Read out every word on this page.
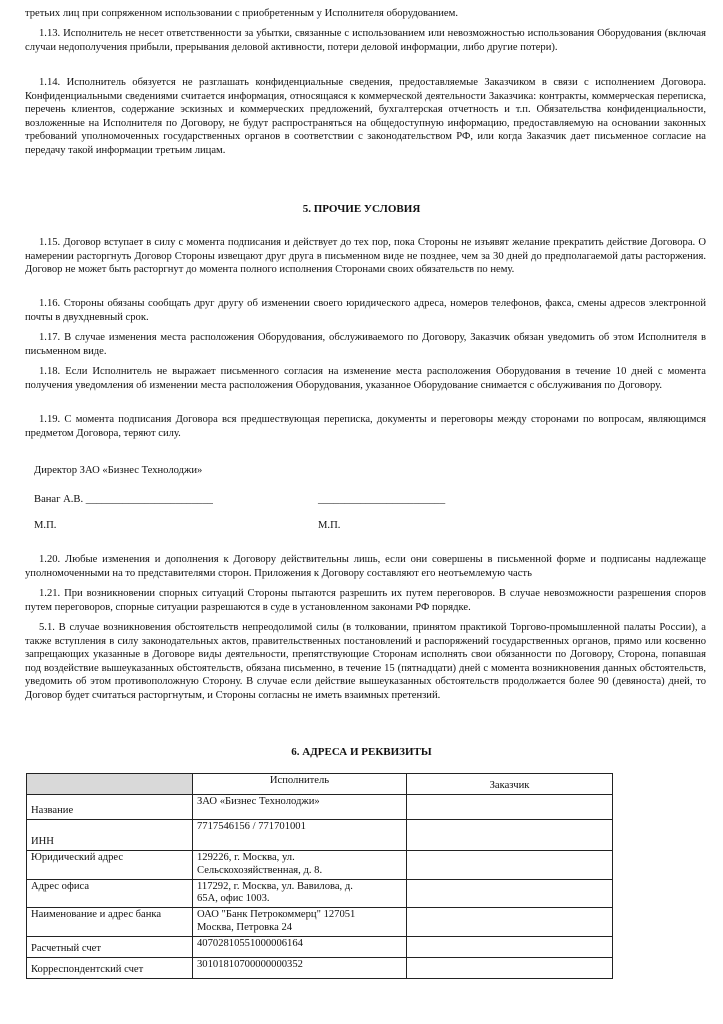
третьих лиц при сопряженном использовании с приобретенным у Исполнителя оборудованием.

1.13. Исполнитель не несет ответственности за убытки, связанные с использованием или невозможностью использования Оборудования (включая случаи недополучения прибыли, прерывания деловой активности, потери деловой информации, либо другие потери).

1.14. Исполнитель обязуется не разглашать конфиденциальные сведения, предоставляемые Заказчиком в связи с исполнением Договора. Конфиденциальными сведениями считается информация, относящаяся к коммерческой деятельности Заказчика: контракты, коммерческая переписка, перечень клиентов, содержание эскизных и коммерческих предложений, бухгалтерская отчетность и т.п. Обязательства конфиденциальности, возложенные на Исполнителя по Договору, не будут распространяться на общедоступную информацию, предоставляемую на основании законных требований уполномоченных государственных органов в соответствии с законодательством РФ, или когда Заказчик дает письменное согласие на передачу такой информации третьим лицам.

5. ПРОЧИЕ УСЛОВИЯ

1.15. Договор вступает в силу с момента подписания и действует до тех пор, пока Стороны не изъявят желание прекратить действие Договора. О намерении расторгнуть Договор Стороны извещают друг друга в письменном виде не позднее, чем за 30 дней до предполагаемой даты расторжения. Договор не может быть расторгнут до момента полного исполнения Сторонами своих обязательств по нему.

1.16. Стороны обязаны сообщать друг другу об изменении своего юридического адреса, номеров телефонов, факса, смены адресов электронной почты в двухдневный срок.

1.17. В случае изменения места расположения Оборудования, обслуживаемого по Договору, Заказчик обязан уведомить об этом Исполнителя в письменном виде.

1.18. Если Исполнитель не выражает письменного согласия на изменение места расположения Оборудования в течение 10 дней с момента получения уведомления об изменении места расположения Оборудования, указанное Оборудование снимается с обслуживания по Договору.

1.19. С момента подписания Договора вся предшествующая переписка, документы и переговоры между сторонами по вопросам, являющимся предметом Договора, теряют силу.

Директор ЗАО «Бизнес Технолоджи»
Ванаг А.В. ________________________	________________________
М.П.	М.П.

1.20. Любые изменения и дополнения к Договору действительны лишь, если они совершены в письменной форме и подписаны надлежаще уполномоченными на то представителями сторон. Приложения к Договору составляют его неотъемлемую часть

1.21. При возникновении спорных ситуаций Стороны пытаются разрешить их путем переговоров. В случае невозможности разрешения споров путем переговоров, спорные ситуации разрешаются в суде в установленном законами РФ порядке.

5.1. В случае возникновения обстоятельств непреодолимой силы (в толковании, принятом практикой Торгово-промышленной палаты России), а также вступления в силу законодательных актов, правительственных постановлений и распоряжений государственных органов, прямо или косвенно запрещающих указанные в Договоре виды деятельности, препятствующие Сторонам исполнять свои обязанности по Договору, Сторона, попавшая под воздействие вышеуказанных обстоятельств, обязана письменно, в течение 15 (пятнадцати) дней с момента возникновения данных обстоятельств, уведомить об этом противоположную Сторону. В случае если действие вышеуказанных обстоятельств продолжается более 90 (девяноста) дней, то Договор будет считаться расторгнутым, и Стороны согласны не иметь взаимных претензий.

6. АДРЕСА И РЕКВИЗИТЫ
	Исполнитель	Заказчик
Название	ЗАО «Бизнес Технолоджи»	
ИНН	7717546156 / 771701001	
Юридический адрес	129226, г. Москва, ул.
Сельскохозяйственная, д. 8.	
Адрес офиса	117292, г. Москва, ул. Вавилова, д.
65А, офис 1003.	
Наименование и адрес банка	ОАО "Банк Петрокоммерц" 127051
Москва, Петровка 24	
Расчетный счет	40702810551000006164	
Корреспондентский счет	30101810700000000352	
